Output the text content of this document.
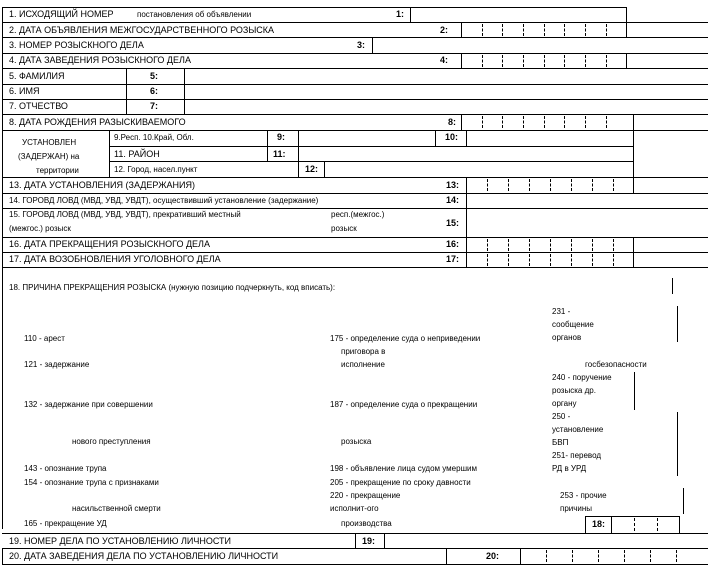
1. ИСХОДЯЩИЙ НОМЕР	постановления об объявлении	1:
2. ДАТА ОБЪЯВЛЕНИЯ МЕЖГОСУДАРСТВЕННОГО РОЗЫСКА	2:
3. НОМЕР РОЗЫСКНОГО ДЕЛА	3:
4. ДАТА ЗАВЕДЕНИЯ РОЗЫСКНОГО ДЕЛА	4:
5. ФАМИЛИЯ	5:
6. ИМЯ	6:
7. ОТЧЕСТВО	7:
8. ДАТА РОЖДЕНИЯ РАЗЫСКИВАЕМОГО	8:
УСТАНОВЛЕН
(ЗАДЕРЖАН) на
территории
9.Респ. 10.Край, Обл.	9:	10:
11. РАЙОН	11:
12. Город, насел.пункт	12:
13. ДАТА УСТАНОВЛЕНИЯ (ЗАДЕРЖАНИЯ)	13:
14. ГОРОВД ЛОВД (МВД, УВД, УВДТ), осуществивший установление (задержание)	14:
15. ГОРОВД ЛОВД (МВД, УВД, УВДТ), прекративший местный	респ.(межгос.)
(межгос.) розыск	розыск
15:
16. ДАТА ПРЕКРАЩЕНИЯ РОЗЫСКНОГО ДЕЛА	16:
17. ДАТА ВОЗОБНОВЛЕНИЯ УГОЛОВНОГО ДЕЛА	17:
18. ПРИЧИНА ПРЕКРАЩЕНИЯ РОЗЫСКА (нужную позицию подчеркнуть, код вписать):
110 - арест
121 - задержание
132 - задержание при совершении
нового преступления
143 - опознание трупа
154 - опознание трупа с признаками
насильственной смерти
165 - прекращение УД
175 - определение суда о неприведении
приговора в
исполнение
187 - определение суда о прекращении
розыска
198 - объявление лица судом умершим
205 - прекращение по сроку давности
220 - прекращение
исполнит-ого
производства
231 -
сообщение
органов
госбезопасности
240 - поручение
розыска др.
органу
250 -
установление
БВП
251- перевод
РД в УРД
253 - прочие
причины
18:
19. НОМЕР ДЕЛА ПО УСТАНОВЛЕНИЮ ЛИЧНОСТИ	19:
20. ДАТА ЗАВЕДЕНИЯ ДЕЛА ПО УСТАНОВЛЕНИЮ ЛИЧНОСТИ	20:
